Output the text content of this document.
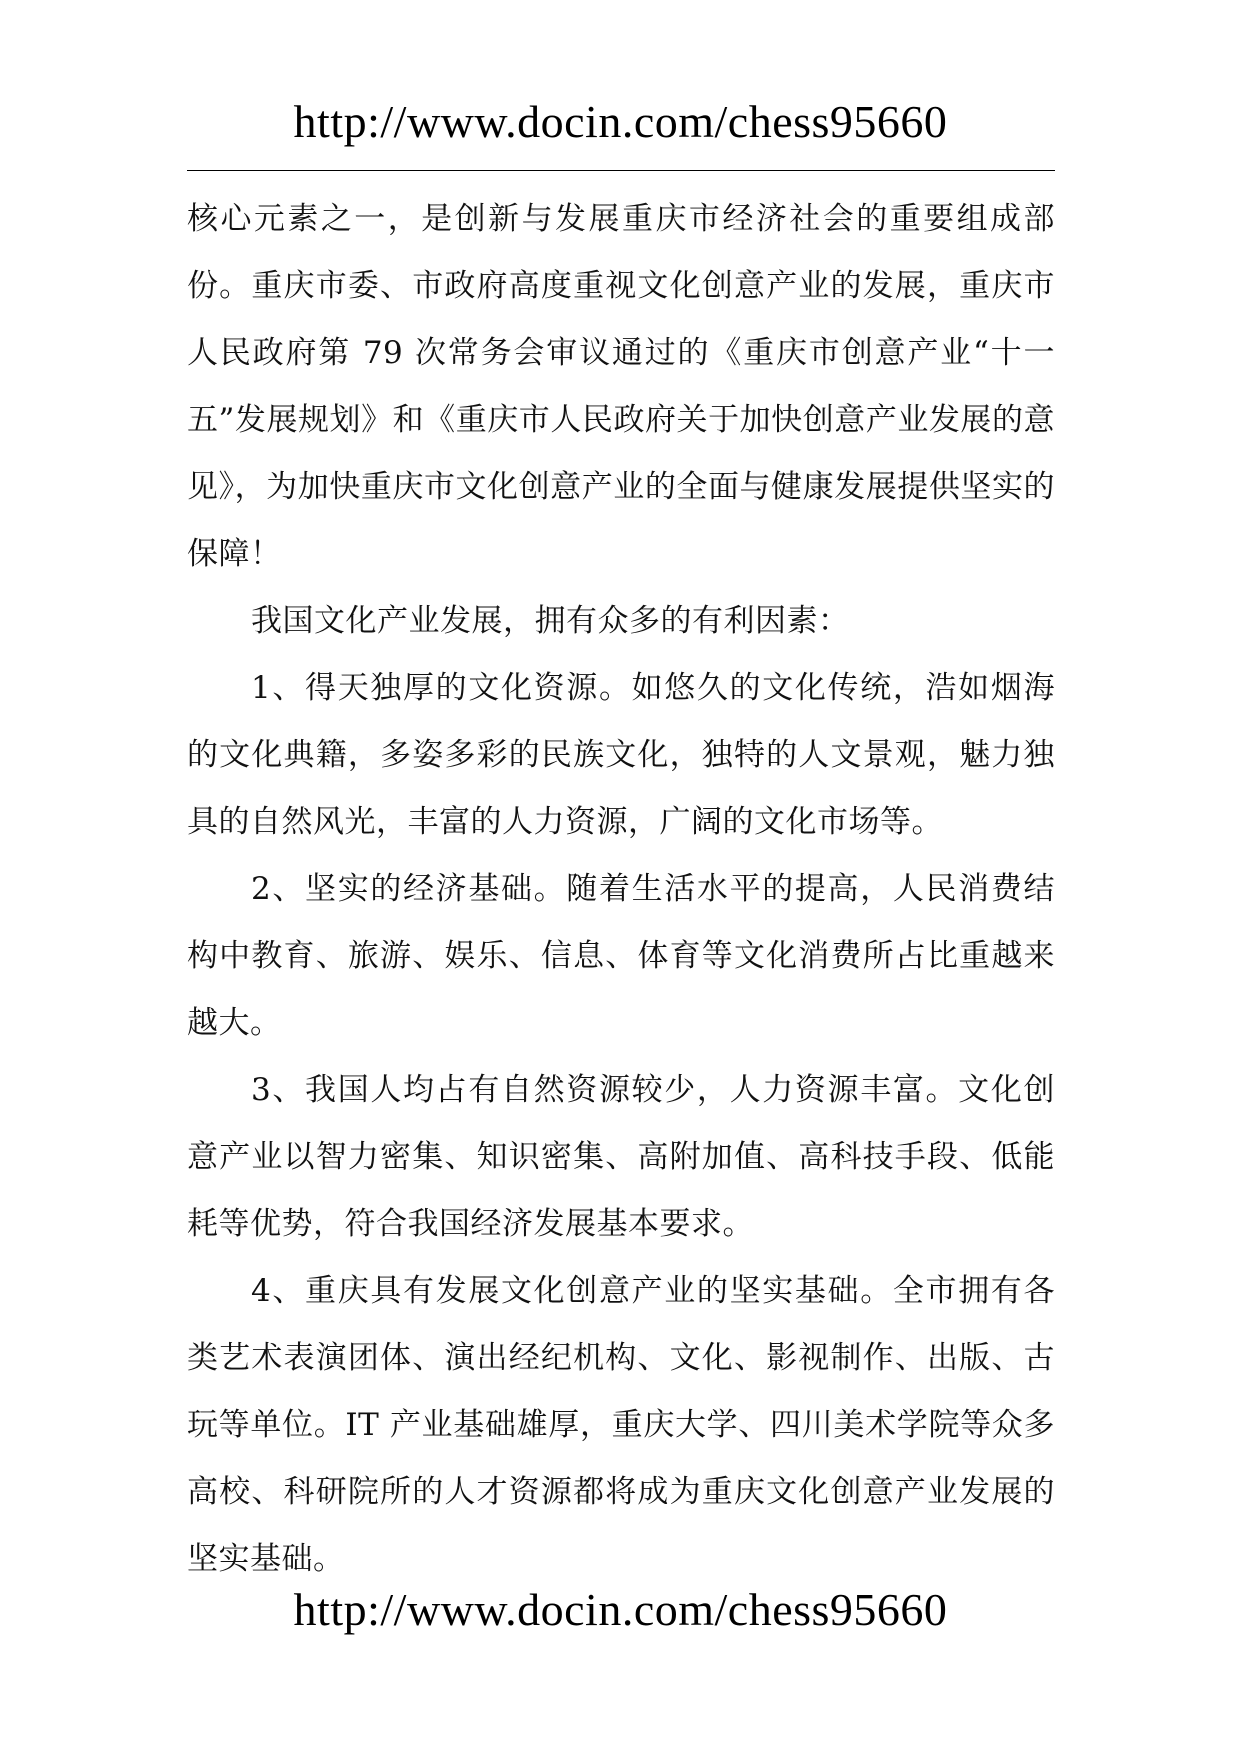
http://www.docin.com/chess95660

核心元素之一，是创新与发展重庆市经济社会的重要组成部份。重庆市委、市政府高度重视文化创意产业的发展，重庆市人民政府第 79 次常务会审议通过的《重庆市创意产业“十一五”发展规划》和《重庆市人民政府关于加快创意产业发展的意见》，为加快重庆市文化创意产业的全面与健康发展提供坚实的保障！

我国文化产业发展，拥有众多的有利因素：

1、得天独厚的文化资源。如悠久的文化传统，浩如烟海的文化典籍，多姿多彩的民族文化，独特的人文景观，魅力独具的自然风光，丰富的人力资源，广阔的文化市场等。

2、坚实的经济基础。随着生活水平的提高，人民消费结构中教育、旅游、娱乐、信息、体育等文化消费所占比重越来越大。

3、我国人均占有自然资源较少，人力资源丰富。文化创意产业以智力密集、知识密集、高附加值、高科技手段、低能耗等优势，符合我国经济发展基本要求。

4、重庆具有发展文化创意产业的坚实基础。全市拥有各类艺术表演团体、演出经纪机构、文化、影视制作、出版、古玩等单位。IT 产业基础雄厚，重庆大学、四川美术学院等众多高校、科研院所的人才资源都将成为重庆文化创意产业发展的坚实基础。

http://www.docin.com/chess95660
